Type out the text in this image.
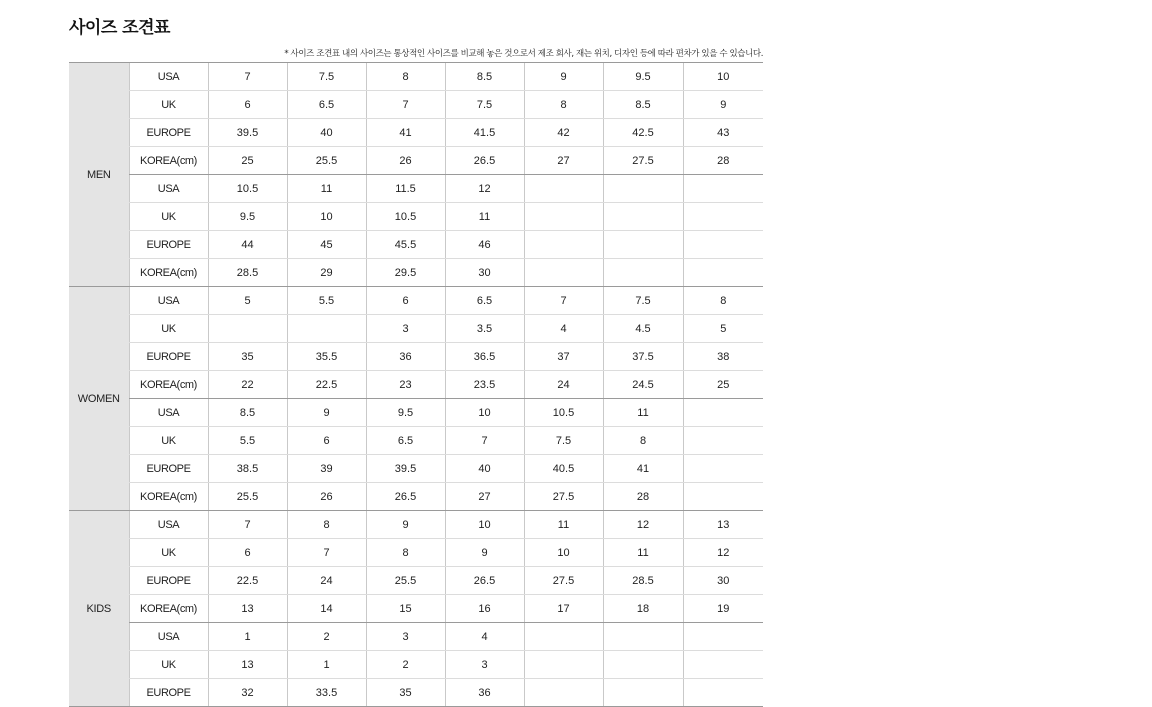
사이즈 조견표
* 사이즈 조견표 내의 사이즈는 통상적인 사이즈를 비교해 놓은 것으로서 제조 회사, 재는 위치, 디자인 등에 따라 편차가 있을 수 있습니다.
MEN	USA	7	7.5	8	8.5	9	9.5	10
	UK	6	6.5	7	7.5	8	8.5	9
	EUROPE	39.5	40	41	41.5	42	42.5	43
	KOREA(cm)	25	25.5	26	26.5	27	27.5	28
	USA	10.5	11	11.5	12			
	UK	9.5	10	10.5	11			
	EUROPE	44	45	45.5	46			
	KOREA(cm)	28.5	29	29.5	30			
WOMEN	USA	5	5.5	6	6.5	7	7.5	8
	UK			3	3.5	4	4.5	5
	EUROPE	35	35.5	36	36.5	37	37.5	38
	KOREA(cm)	22	22.5	23	23.5	24	24.5	25
	USA	8.5	9	9.5	10	10.5	11	
	UK	5.5	6	6.5	7	7.5	8	
	EUROPE	38.5	39	39.5	40	40.5	41	
	KOREA(cm)	25.5	26	26.5	27	27.5	28	
KIDS	USA	7	8	9	10	11	12	13
	UK	6	7	8	9	10	11	12
	EUROPE	22.5	24	25.5	26.5	27.5	28.5	30
	KOREA(cm)	13	14	15	16	17	18	19
	USA	1	2	3	4			
	UK	13	1	2	3			
	EUROPE	32	33.5	35	36			
